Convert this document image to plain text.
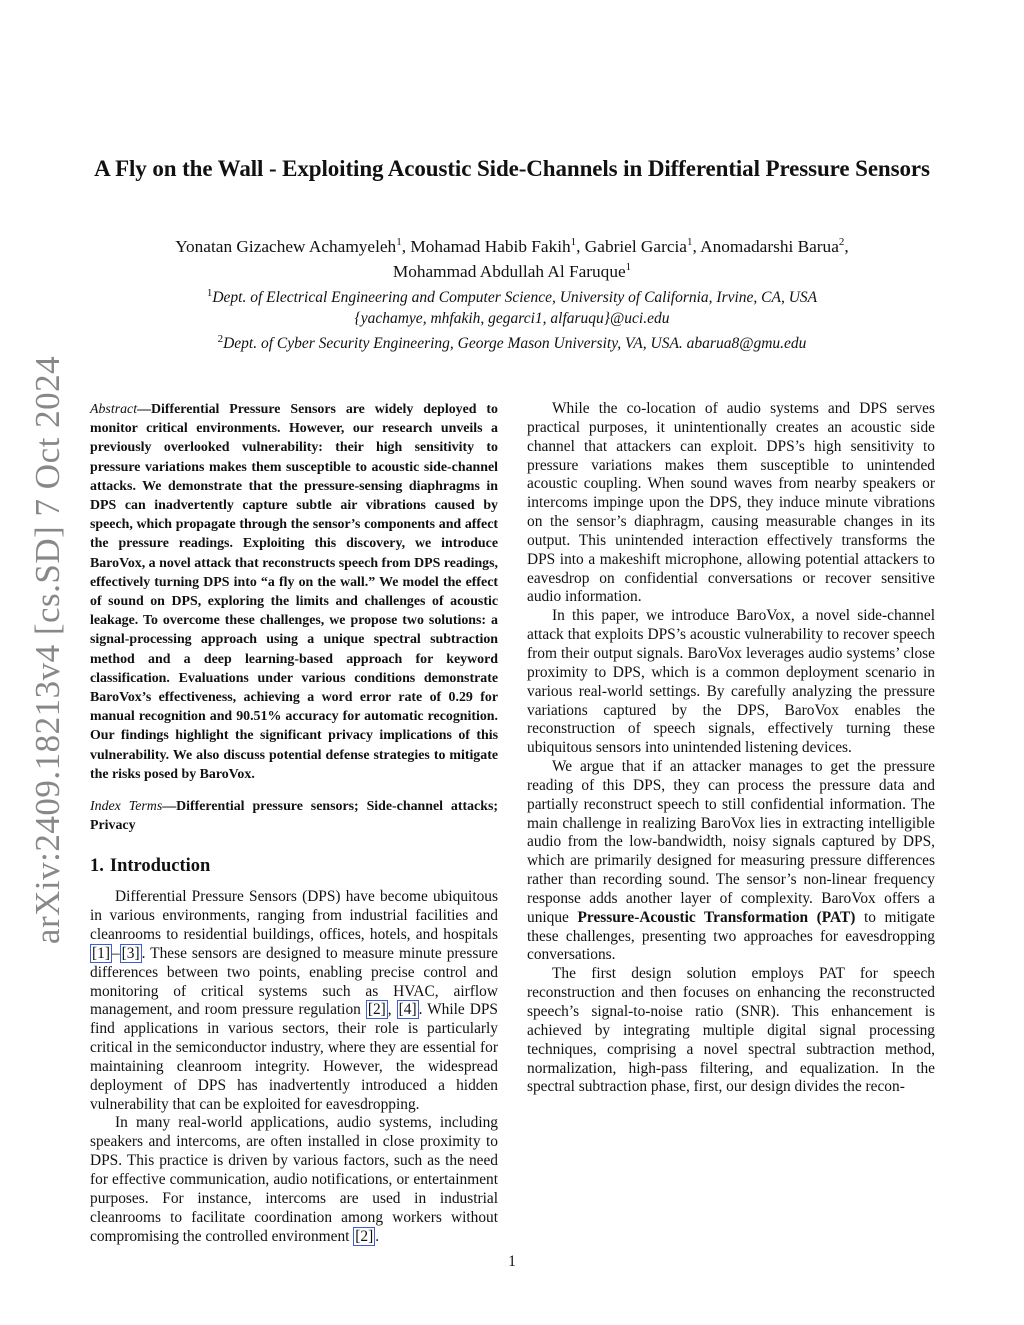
arXiv:2409.18213v4 [cs.SD] 7 Oct 2024
A Fly on the Wall - Exploiting Acoustic Side-Channels in Differential Pressure Sensors
Yonatan Gizachew Achamyeleh$^1$, Mohamad Habib Fakih$^1$, Gabriel Garcia$^1$, Anomadarshi Barua$^2$,
Mohammad Abdullah Al Faruque$^1$
$^1$Dept. of Electrical Engineering and Computer Science, University of California, Irvine, CA, USA
{yachamye, mhfakih, gegarci1, alfaruqu}@uci.edu
$^2$Dept. of Cyber Security Engineering, George Mason University, VA, USA. abarua8@gmu.edu
Abstract—Differential Pressure Sensors are widely deployed to monitor critical environments. However, our research unveils a previously overlooked vulnerability: their high sensitivity to pressure variations makes them susceptible to acoustic side-channel attacks. We demonstrate that the pressure-sensing diaphragms in DPS can inadvertently capture subtle air vibrations caused by speech, which propagate through the sensor’s components and affect the pressure readings. Exploiting this discovery, we introduce BaroVox, a novel attack that reconstructs speech from DPS readings, effectively turning DPS into “a fly on the wall.” We model the effect of sound on DPS, exploring the limits and challenges of acoustic leakage. To overcome these challenges, we propose two solutions: a signal-processing approach using a unique spectral subtraction method and a deep learning-based approach for keyword classification. Evaluations under various conditions demonstrate BaroVox’s effectiveness, achieving a word error rate of 0.29 for manual recognition and 90.51% accuracy for automatic recognition. Our findings highlight the significant privacy implications of this vulnerability. We also discuss potential defense strategies to mitigate the risks posed by BaroVox.
Index Terms—Differential pressure sensors; Side-channel attacks; Privacy
1. Introduction

Differential Pressure Sensors (DPS) have become ubiquitous in various environments, ranging from industrial facilities and cleanrooms to residential buildings, offices, hotels, and hospitals [1] – [3] . These sensors are designed to measure minute pressure differences between two points, enabling precise control and monitoring of critical systems such as HVAC, airflow management, and room pressure regulation [2] , [4] . While DPS find applications in various sectors, their role is particularly critical in the semiconductor industry, where they are essential for maintaining cleanroom integrity. However, the widespread deployment of DPS has inadvertently introduced a hidden vulnerability that can be exploited for eavesdropping.

In many real-world applications, audio systems, including speakers and intercoms, are often installed in close proximity to DPS. This practice is driven by various factors, such as the need for effective communication, audio notifications, or entertainment purposes. For instance, intercoms are used in industrial cleanrooms to facilitate coordination among workers without compromising the controlled environment [2] .

While the co-location of audio systems and DPS serves practical purposes, it unintentionally creates an acoustic side channel that attackers can exploit. DPS’s high sensitivity to pressure variations makes them susceptible to unintended acoustic coupling. When sound waves from nearby speakers or intercoms impinge upon the DPS, they induce minute vibrations on the sensor’s diaphragm, causing measurable changes in its output. This unintended interaction effectively transforms the DPS into a makeshift microphone, allowing potential attackers to eavesdrop on confidential conversations or recover sensitive audio information.

In this paper, we introduce BaroVox, a novel side-channel attack that exploits DPS’s acoustic vulnerability to recover speech from their output signals. BaroVox leverages audio systems’ close proximity to DPS, which is a common deployment scenario in various real-world settings. By carefully analyzing the pressure variations captured by the DPS, BaroVox enables the reconstruction of speech signals, effectively turning these ubiquitous sensors into unintended listening devices.

We argue that if an attacker manages to get the pressure reading of this DPS, they can process the pressure data and partially reconstruct speech to still confidential information. The main challenge in realizing BaroVox lies in extracting intelligible audio from the low-bandwidth, noisy signals captured by DPS, which are primarily designed for measuring pressure differences rather than recording sound. The sensor’s non-linear frequency response adds another layer of complexity. BaroVox offers a unique Pressure-Acoustic Transformation (PAT) to mitigate these challenges, presenting two approaches for eavesdropping conversations.

The first design solution employs PAT for speech reconstruction and then focuses on enhancing the reconstructed speech’s signal-to-noise ratio (SNR). This enhancement is achieved by integrating multiple digital signal processing techniques, comprising a novel spectral subtraction method, normalization, high-pass filtering, and equalization. In the spectral subtraction phase, first, our design divides the recon-

1
